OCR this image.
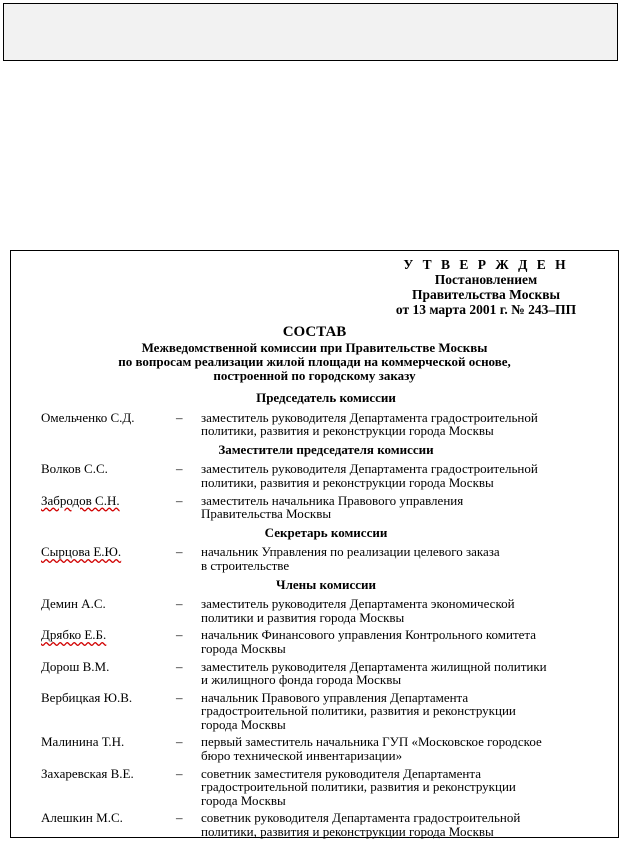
У Т В Е Р Ж Д Е Н
Постановлением
Правительства Москвы
от 13 марта 2001 г. № 243–ПП
СОСТАВ
Межведомственной комиссии при Правительстве Москвы
по вопросам реализации жилой площади на коммерческой основе,
построенной по городскому заказу
Председатель комиссии
Омельченко С.Д.	–	заместитель руководителя Департамента градостроительной
политики, развития и реконструкции города Москвы
Заместители председателя комиссии
Волков С.С.	–	заместитель руководителя Департамента градостроительной
политики, развития и реконструкции города Москвы
Забродов С.Н.	–	заместитель начальника Правового управления
Правительства Москвы
Секретарь комиссии
Сырцова Е.Ю.	–	начальник Управления по реализации целевого заказа
в строительстве
Члены комиссии
Демин А.С.	–	заместитель руководителя Департамента экономической
политики и развития города Москвы
Дрябко Е.Б.	–	начальник Финансового управления Контрольного комитета
города Москвы
Дорош В.М.	–	заместитель руководителя Департамента жилищной политики
и жилищного фонда города Москвы
Вербицкая Ю.В.	–	начальник Правового управления Департамента
градостроительной политики, развития и реконструкции
города Москвы
Малинина Т.Н.	–	первый заместитель начальника ГУП «Московское городское
бюро технической инвентаризации»
Захаревская В.Е.	–	советник заместителя руководителя Департамента
градостроительной политики, развития и реконструкции
города Москвы
Алешкин М.С.	–	советник руководителя Департамента градостроительной
политики, развития и реконструкции города Москвы
